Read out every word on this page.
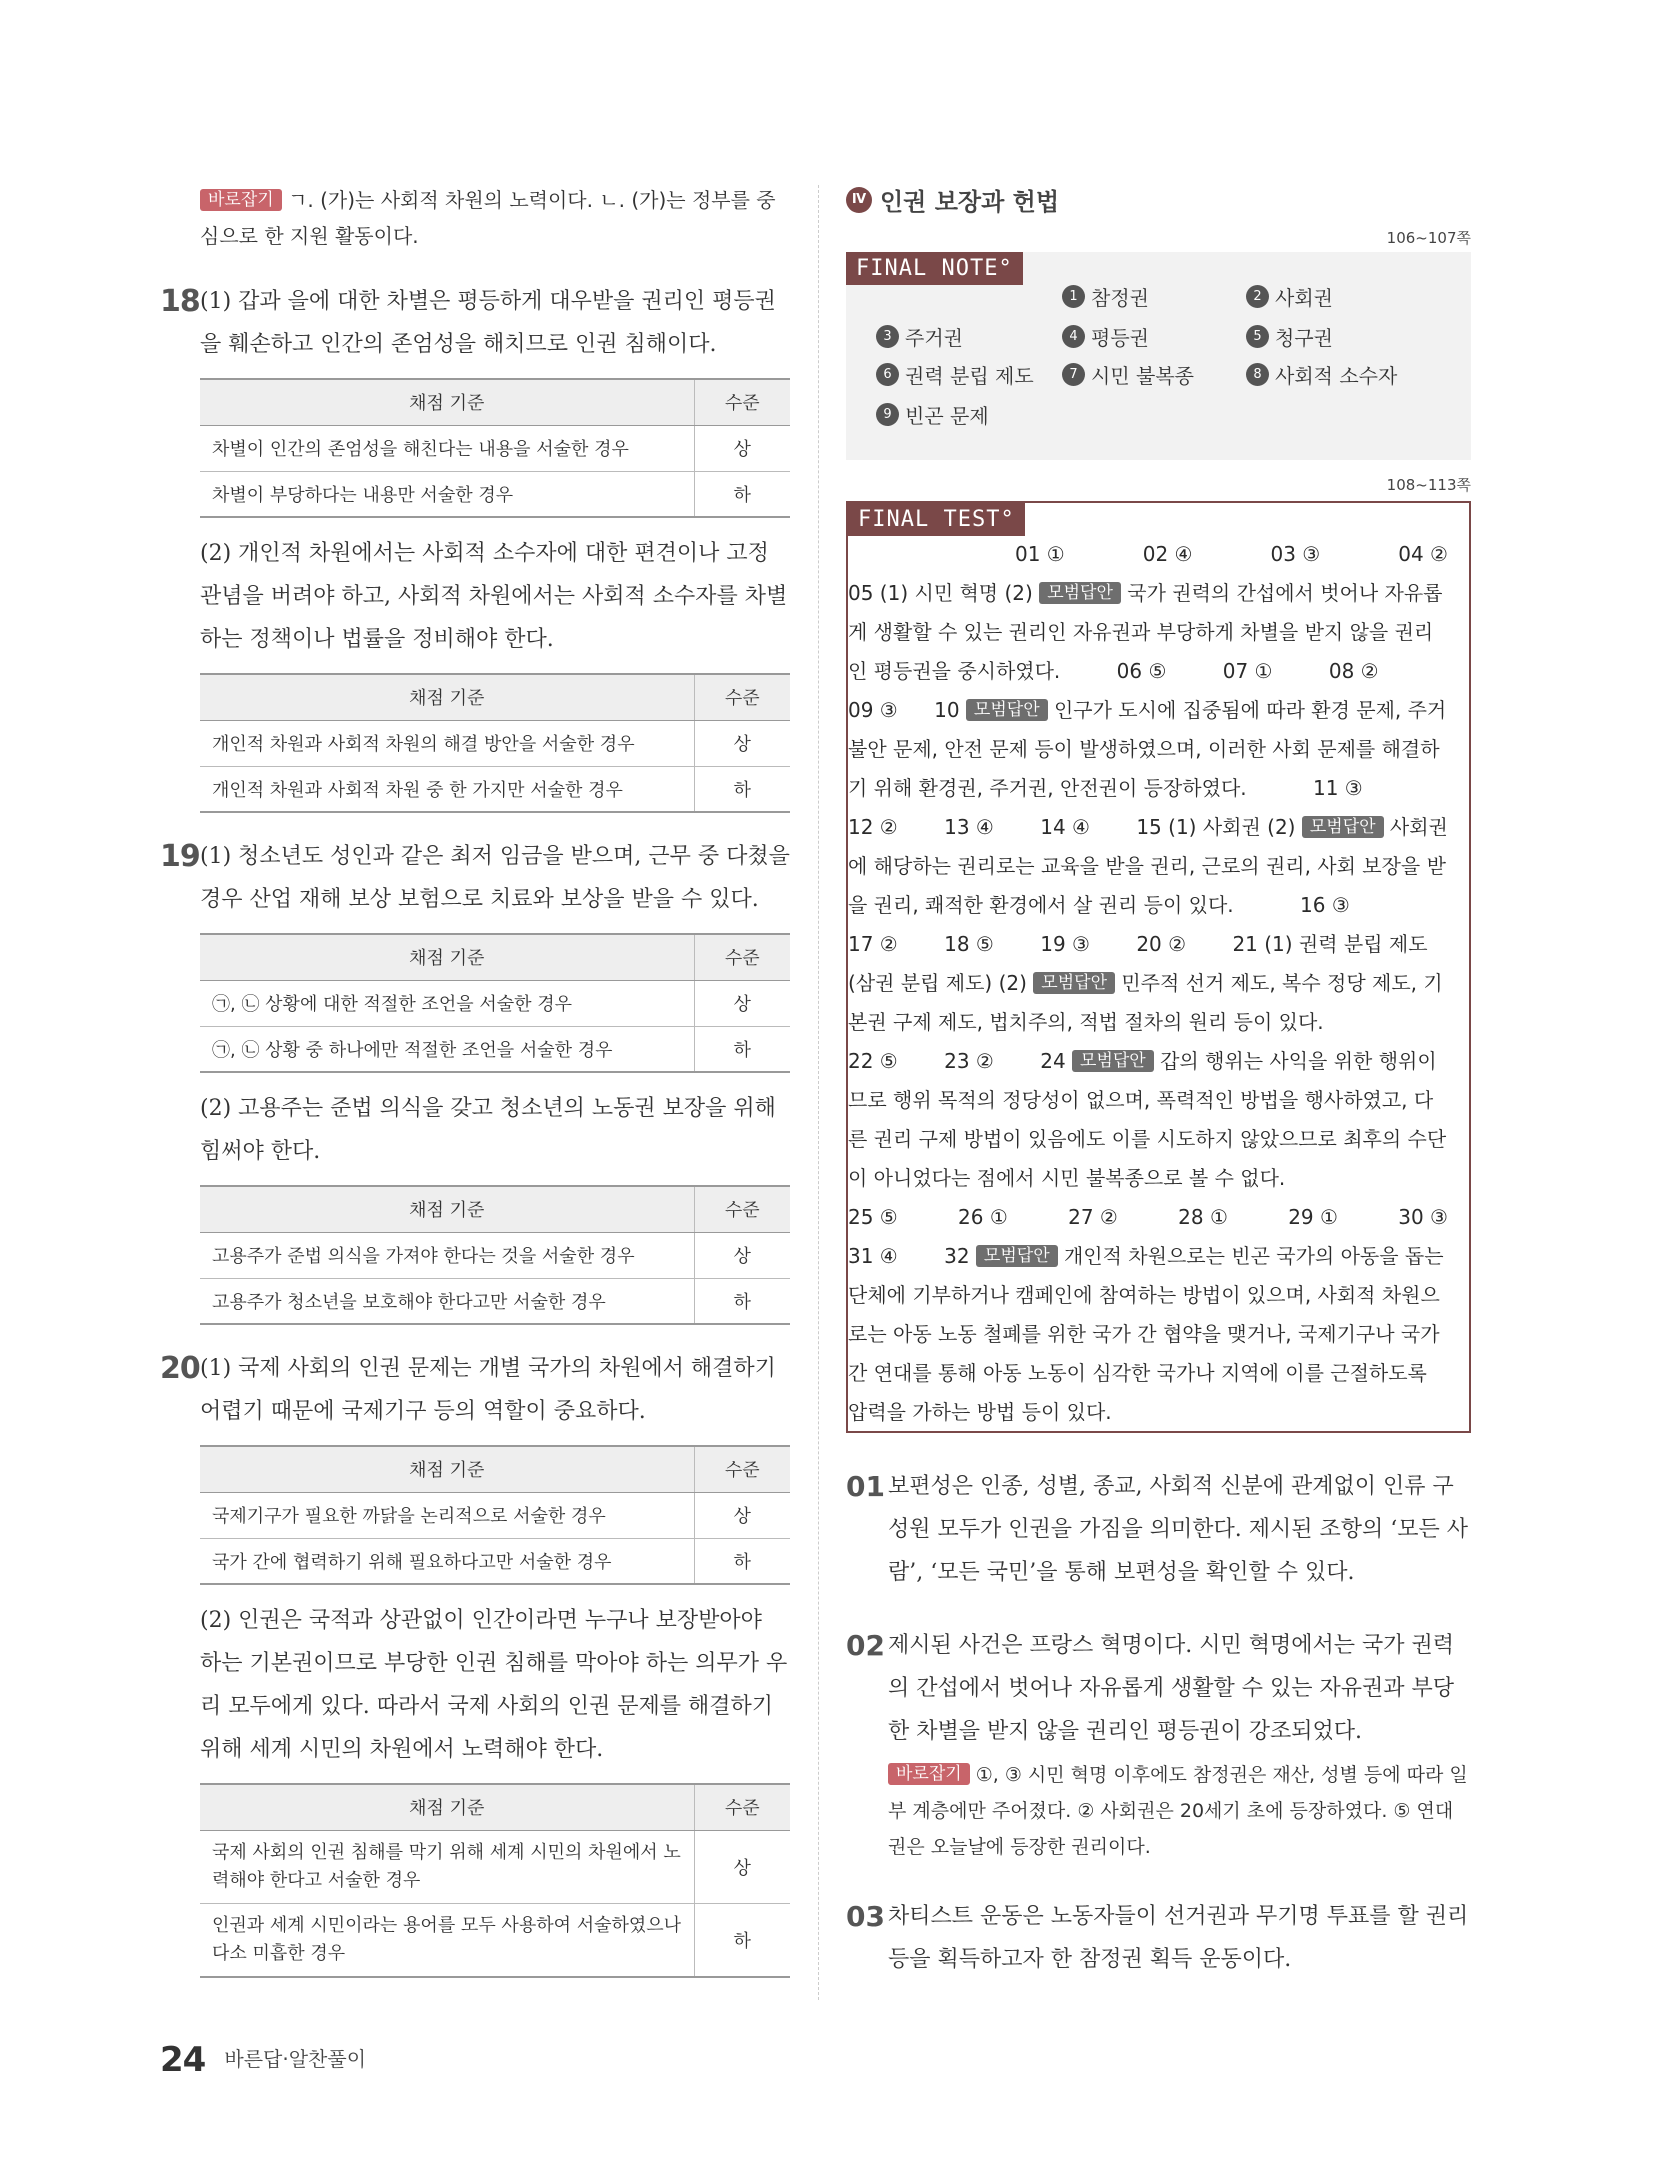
바로잡기 ㄱ. (가)는 사회적 차원의 노력이다. ㄴ. (가)는 정부를 중심으로 한 지원 활동이다.
18 (1) 갑과 을에 대한 차별은 평등하게 대우받을 권리인 평등권을 훼손하고 인간의 존엄성을 해치므로 인권 침해이다.
채점 기준	수준
차별이 인간의 존엄성을 해친다는 내용을 서술한 경우	상
차별이 부당하다는 내용만 서술한 경우	하
(2) 개인적 차원에서는 사회적 소수자에 대한 편견이나 고정관념을 버려야 하고, 사회적 차원에서는 사회적 소수자를 차별하는 정책이나 법률을 정비해야 한다.
채점 기준	수준
개인적 차원과 사회적 차원의 해결 방안을 서술한 경우	상
개인적 차원과 사회적 차원 중 한 가지만 서술한 경우	하
19 (1) 청소년도 성인과 같은 최저 임금을 받으며, 근무 중 다쳤을 경우 산업 재해 보상 보험으로 치료와 보상을 받을 수 있다.
채점 기준	수준
㉠, ㉡ 상황에 대한 적절한 조언을 서술한 경우	상
㉠, ㉡ 상황 중 하나에만 적절한 조언을 서술한 경우	하
(2) 고용주는 준법 의식을 갖고 청소년의 노동권 보장을 위해 힘써야 한다.
채점 기준	수준
고용주가 준법 의식을 가져야 한다는 것을 서술한 경우	상
고용주가 청소년을 보호해야 한다고만 서술한 경우	하
20 (1) 국제 사회의 인권 문제는 개별 국가의 차원에서 해결하기 어렵기 때문에 국제기구 등의 역할이 중요하다.
채점 기준	수준
국제기구가 필요한 까닭을 논리적으로 서술한 경우	상
국가 간에 협력하기 위해 필요하다고만 서술한 경우	하
(2) 인권은 국적과 상관없이 인간이라면 누구나 보장받아야 하는 기본권이므로 부당한 인권 침해를 막아야 하는 의무가 우리 모두에게 있다. 따라서 국제 사회의 인권 문제를 해결하기 위해 세계 시민의 차원에서 노력해야 한다.
채점 기준	수준
국제 사회의 인권 침해를 막기 위해 세계 시민의 차원에서 노력해야 한다고 서술한 경우	상
인권과 세계 시민이라는 용어를 모두 사용하여 서술하였으나 다소 미흡한 경우	하
24 바른답·알찬풀이
Ⅳ 인권 보장과 헌법
106~107쪽
FINAL NOTE°
1 참정권	2 사회권
3 주거권	4 평등권	5 청구권
6 권력 분립 제도	7 시민 불복종	8 사회적 소수자
9 빈곤 문제
108~113쪽
FINAL TEST°
01 ①	02 ④	03 ③	04 ②
05 (1) 시민 혁명 (2) 모범답안 국가 권력의 간섭에서 벗어나 자유롭게 생활할 수 있는 권리인 자유권과 부당하게 차별을 받지 않을 권리인 평등권을 중시하였다.	06 ⑤	07 ①	08 ②
09 ③ 10 모범답안 인구가 도시에 집중됨에 따라 환경 문제, 주거 불안 문제, 안전 문제 등이 발생하였으며, 이러한 사회 문제를 해결하기 위해 환경권, 주거권, 안전권이 등장하였다.	11 ③
12 ② 13 ④ 14 ④ 15 (1) 사회권 (2) 모범답안 사회권에 해당하는 권리로는 교육을 받을 권리, 근로의 권리, 사회 보장을 받을 권리, 쾌적한 환경에서 살 권리 등이 있다.	16 ③
17 ② 18 ⑤ 19 ③ 20 ② 21 (1) 권력 분립 제도(삼권 분립 제도) (2) 모범답안 민주적 선거 제도, 복수 정당 제도, 기본권 구제 제도, 법치주의, 적법 절차의 원리 등이 있다.
22 ⑤ 23 ② 24 모범답안 갑의 행위는 사익을 위한 행위이므로 행위 목적의 정당성이 없으며, 폭력적인 방법을 행사하였고, 다른 권리 구제 방법이 있음에도 이를 시도하지 않았으므로 최후의 수단이 아니었다는 점에서 시민 불복종으로 볼 수 없다.
25 ⑤	26 ①	27 ②	28 ①	29 ①	30 ③
31 ④ 32 모범답안 개인적 차원으로는 빈곤 국가의 아동을 돕는 단체에 기부하거나 캠페인에 참여하는 방법이 있으며, 사회적 차원으로는 아동 노동 철폐를 위한 국가 간 협약을 맺거나, 국제기구나 국가 간 연대를 통해 아동 노동이 심각한 국가나 지역에 이를 근절하도록 압력을 가하는 방법 등이 있다.
01 보편성은 인종, 성별, 종교, 사회적 신분에 관계없이 인류 구성원 모두가 인권을 가짐을 의미한다. 제시된 조항의 ‘모든 사람’, ‘모든 국민’을 통해 보편성을 확인할 수 있다.
02 제시된 사건은 프랑스 혁명이다. 시민 혁명에서는 국가 권력의 간섭에서 벗어나 자유롭게 생활할 수 있는 자유권과 부당한 차별을 받지 않을 권리인 평등권이 강조되었다.
바로잡기 ①, ③ 시민 혁명 이후에도 참정권은 재산, 성별 등에 따라 일부 계층에만 주어졌다. ② 사회권은 20세기 초에 등장하였다. ⑤ 연대권은 오늘날에 등장한 권리이다.
03 차티스트 운동은 노동자들이 선거권과 무기명 투표를 할 권리 등을 획득하고자 한 참정권 획득 운동이다.
